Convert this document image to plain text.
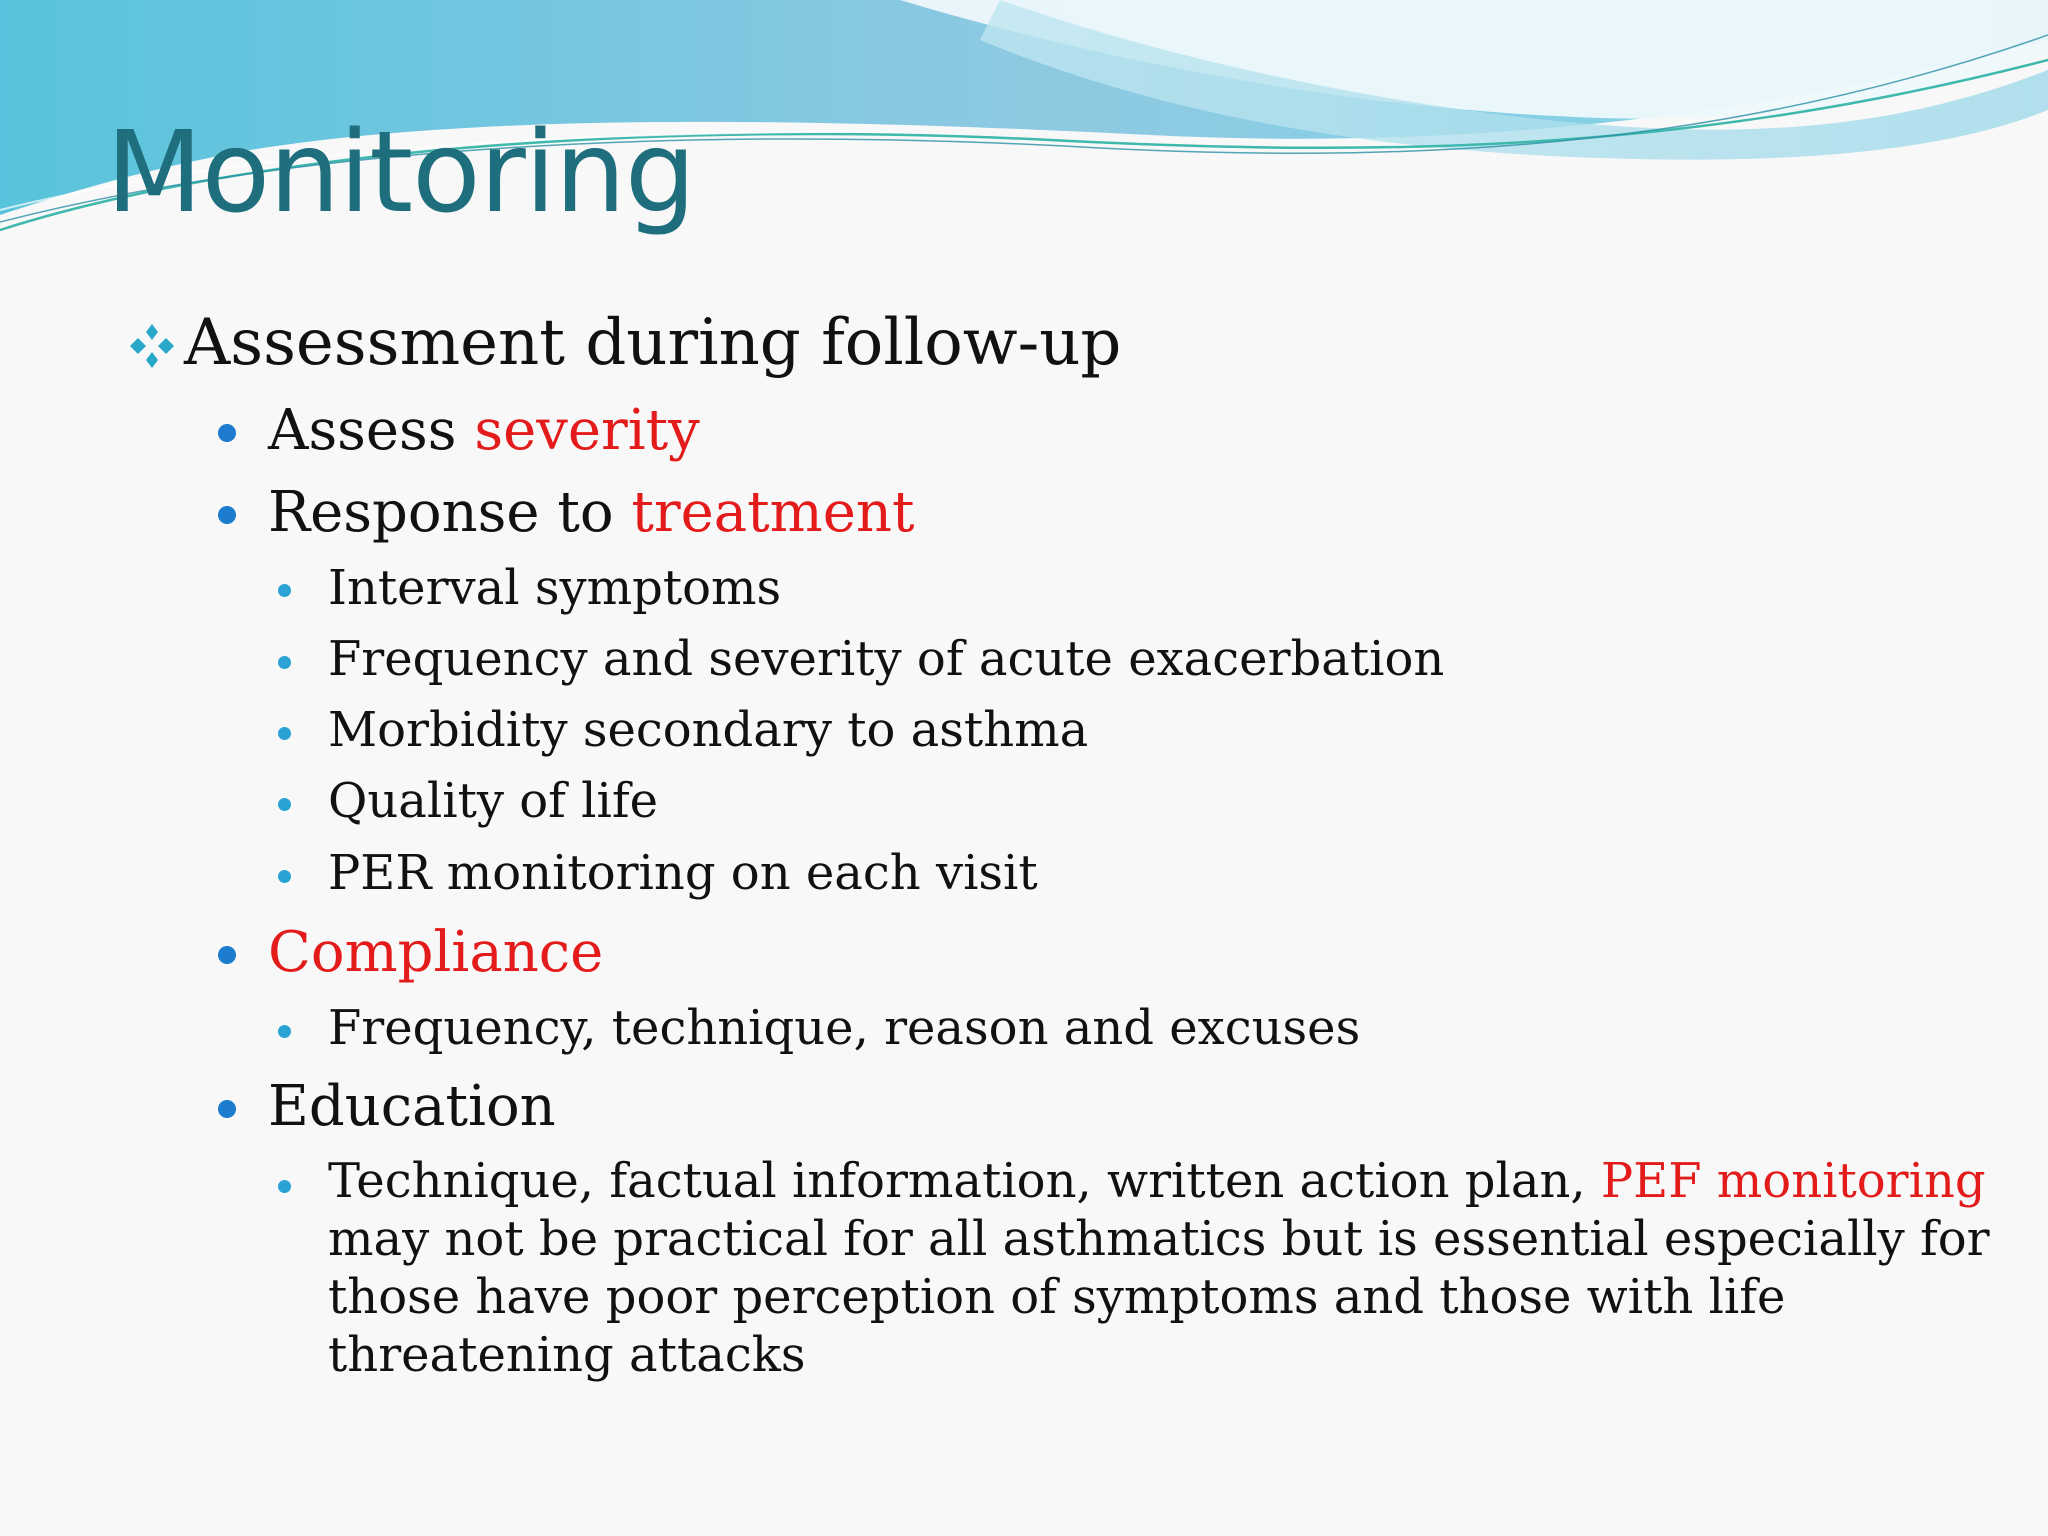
Monitoring
Assessment during follow-up
Assess severity
Response to treatment
Interval symptoms
Frequency and severity of acute exacerbation
Morbidity secondary to asthma
Quality of life
PER monitoring on each visit
Compliance
Frequency, technique, reason and excuses
Education
Technique, factual information, written action plan, PEF monitoring may not be practical for all asthmatics but is essential especially for those have poor perception of symptoms and those with life threatening attacks
